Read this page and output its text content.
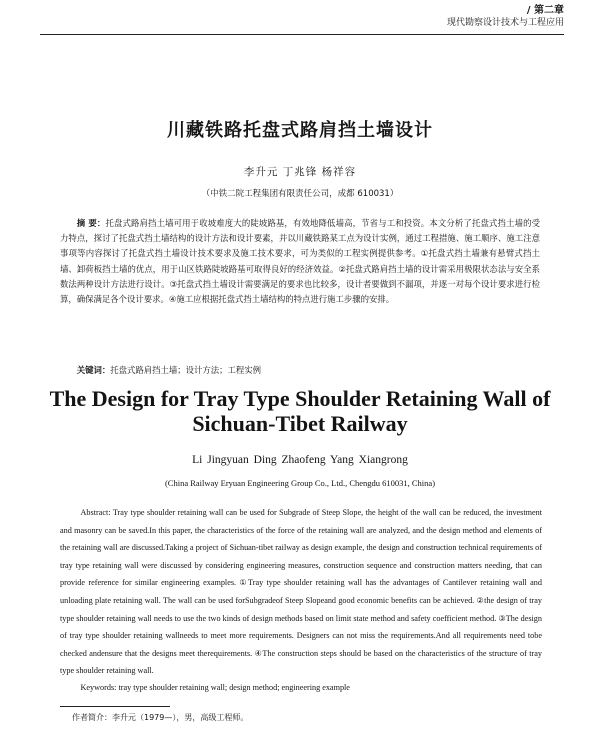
/ 第二章
现代勘察设计技术与工程应用
川藏铁路托盘式路肩挡土墙设计
李升元 丁兆锋 杨祥容
（中铁二院工程集团有限责任公司，成都 610031）
摘 要：托盘式路肩挡土墙可用于收坡难度大的陡坡路基，有效地降低墙高，节省与工和投资。本文分析了托盘式挡土墙的受力特点，探讨了托盘式挡土墙结构的设计方法和设计要素，并以川藏铁路某工点为设计实例，通过工程措施、施工顺序、施工注意事项等内容探讨了托盘式挡土墙设计技术要求及施工技术要求，可为类似的工程实例提供参考。①托盘式挡土墙兼有悬臂式挡土墙、卸荷板挡土墙的优点，用于山区铁路陡坡路基可取得良好的经济效益。②托盘式路肩挡土墙的设计需采用极限状态法与安全系数法两种设计方法进行设计。③托盘式挡土墙设计需要满足的要求也比较多，设计者要做到不漏项，并逐一对每个设计要求进行检算，确保满足各个设计要求。④施工应根据托盘式挡土墙结构的特点进行施工步骤的安排。
关键词：托盘式路肩挡土墙；设计方法；工程实例
The Design for Tray Type Shoulder Retaining Wall of Sichuan-Tibet Railway
Li Jingyuan Ding Zhaofeng Yang Xiangrong
(China Railway Eryuan Engineering Group Co., Ltd., Chengdu 610031, China)
Abstract: Tray type shoulder retaining wall can be used for Subgrade of Steep Slope, the height of the wall can be reduced, the investment and masonry can be saved.In this paper, the characteristics of the force of the retaining wall are analyzed, and the design method and elements of the retaining wall are discussed.Taking a project of Sichuan-tibet railway as design example, the design and construction technical requirements of tray type retaining wall were discussed by considering engineering measures, construction sequence and construction matters needing, that can provide reference for similar engineering examples. ①Tray type shoulder retaining wall has the advantages of Cantilever retaining wall and unloading plate retaining wall. The wall can be used forSubgradeof Steep Slopeand good economic benefits can be achieved. ②the design of tray type shoulder retaining wall needs to use the two kinds of design methods based on limit state method and safety coefficient method. ③The design of tray type shoulder retaining wallneeds to meet more requirements. Designers can not miss the requirements.And all requirements need tobe checked andensure that the designs meet therequirements. ④The construction steps should be based on the characteristics of the structure of tray type shoulder retaining wall.
Keywords: tray type shoulder retaining wall; design method; engineering example
作者简介：李升元（1979—），男，高级工程师。
